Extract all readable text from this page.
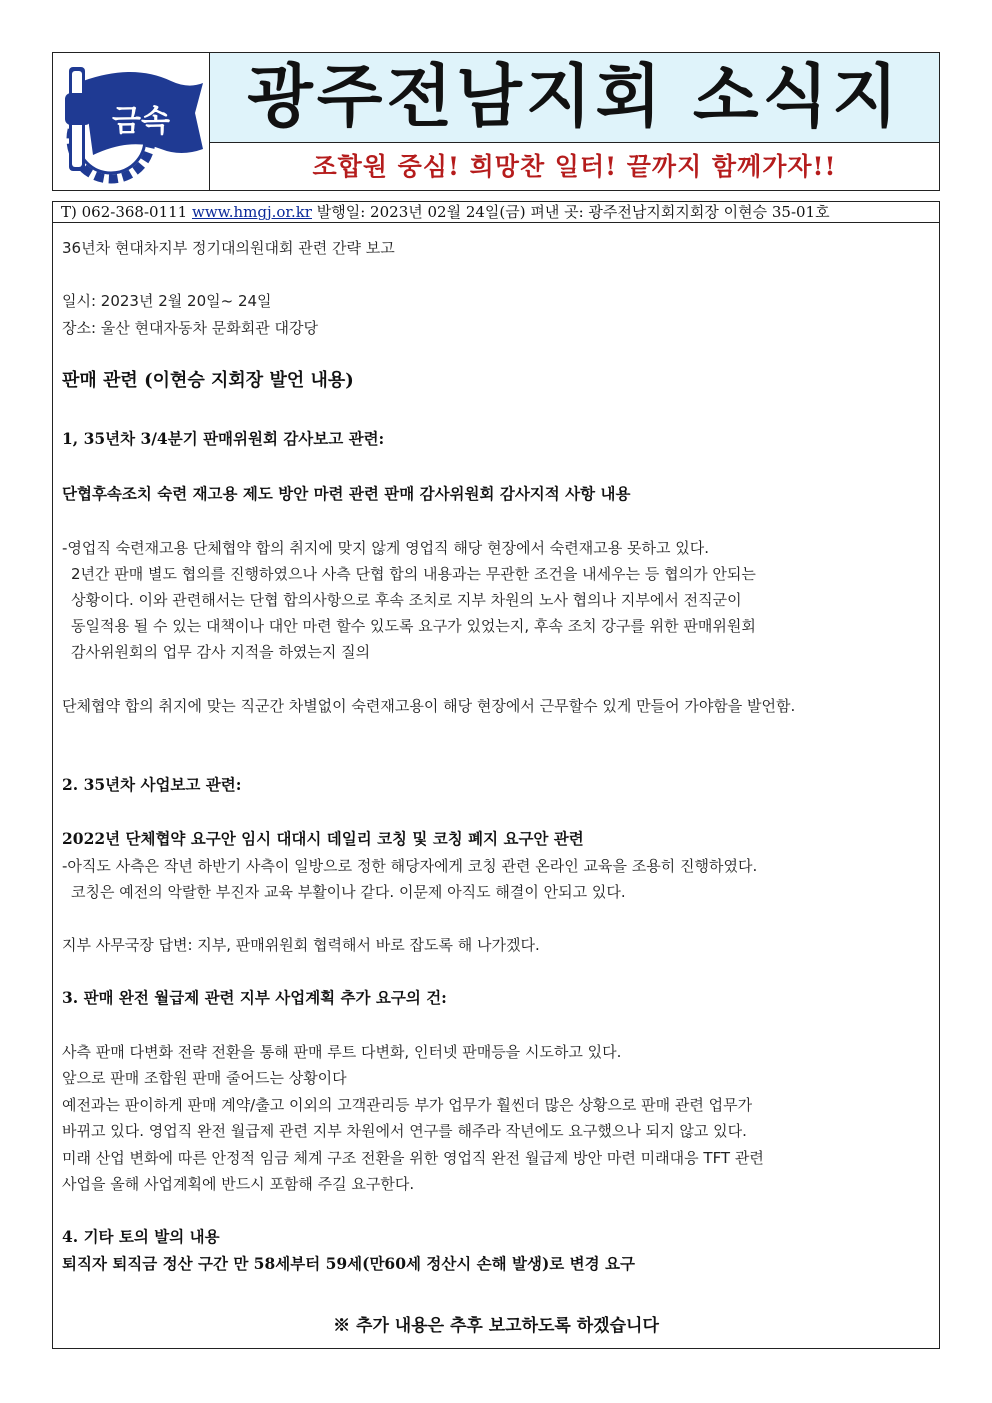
금속	광주전남지회 소식지
조합원 중심! 희망찬 일터! 끝까지 함께가자!!
T) 062-368-0111 www.hmgj.or.kr 발행일: 2023년 02월 24일(금) 펴낸 곳: 광주전남지회지회장 이현승 35-01호
36년차 현대차지부 정기대의원대회 관련 간략 보고
일시: 2023년 2월 20일~ 24일
장소: 울산 현대자동차 문화회관 대강당
판매 관련 (이현승 지회장 발언 내용)
1, 35년차 3/4분기 판매위원회 감사보고 관련:
단협후속조치 숙련 재고용 제도 방안 마련 관련 판매 감사위원회 감사지적 사항 내용
-영업직 숙련재고용 단체협약 합의 취지에 맞지 않게 영업직 해당 현장에서 숙련재고용 못하고 있다.
2년간 판매 별도 협의를 진행하였으나 사측 단협 합의 내용과는 무관한 조건을 내세우는 등 협의가 안되는
상황이다. 이와 관련해서는 단협 합의사항으로 후속 조치로 지부 차원의 노사 협의나 지부에서 전직군이
동일적용 될 수 있는 대책이나 대안 마련 할수 있도록 요구가 있었는지, 후속 조치 강구를 위한 판매위원회
감사위원회의 업무 감사 지적을 하였는지 질의
단체협약 합의 취지에 맞는 직군간 차별없이 숙련재고용이 해당 현장에서 근무할수 있게 만들어 가야함을 발언함.
2. 35년차 사업보고 관련:
2022년 단체협약 요구안 임시 대대시 데일리 코칭 및 코칭 폐지 요구안 관련
-아직도 사측은 작년 하반기 사측이 일방으로 정한 해당자에게 코칭 관련 온라인 교육을 조용히 진행하였다.
코칭은 예전의 악랄한 부진자 교육 부활이나 같다. 이문제 아직도 해결이 안되고 있다.
지부 사무국장 답변: 지부, 판매위원회 협력해서 바로 잡도록 해 나가겠다.
3. 판매 완전 월급제 관련 지부 사업계획 추가 요구의 건:
사측 판매 다변화 전략 전환을 통해 판매 루트 다변화, 인터넷 판매등을 시도하고 있다.
앞으로 판매 조합원 판매 줄어드는 상황이다
예전과는 판이하게 판매 계약/출고 이외의 고객관리등 부가 업무가 훨씬더 많은 상황으로 판매 관련 업무가
바뀌고 있다. 영업직 완전 월급제 관련 지부 차원에서 연구를 해주라 작년에도 요구했으나 되지 않고 있다.
미래 산업 변화에 따른 안정적 임금 체계 구조 전환을 위한 영업직 완전 월급제 방안 마련 미래대응 TFT 관련
사업을 올해 사업계획에 반드시 포함해 주길 요구한다.
4. 기타 토의 발의 내용
퇴직자 퇴직금 정산 구간 만 58세부터 59세(만60세 정산시 손해 발생)로 변경 요구
※ 추가 내용은 추후 보고하도록 하겠습니다
